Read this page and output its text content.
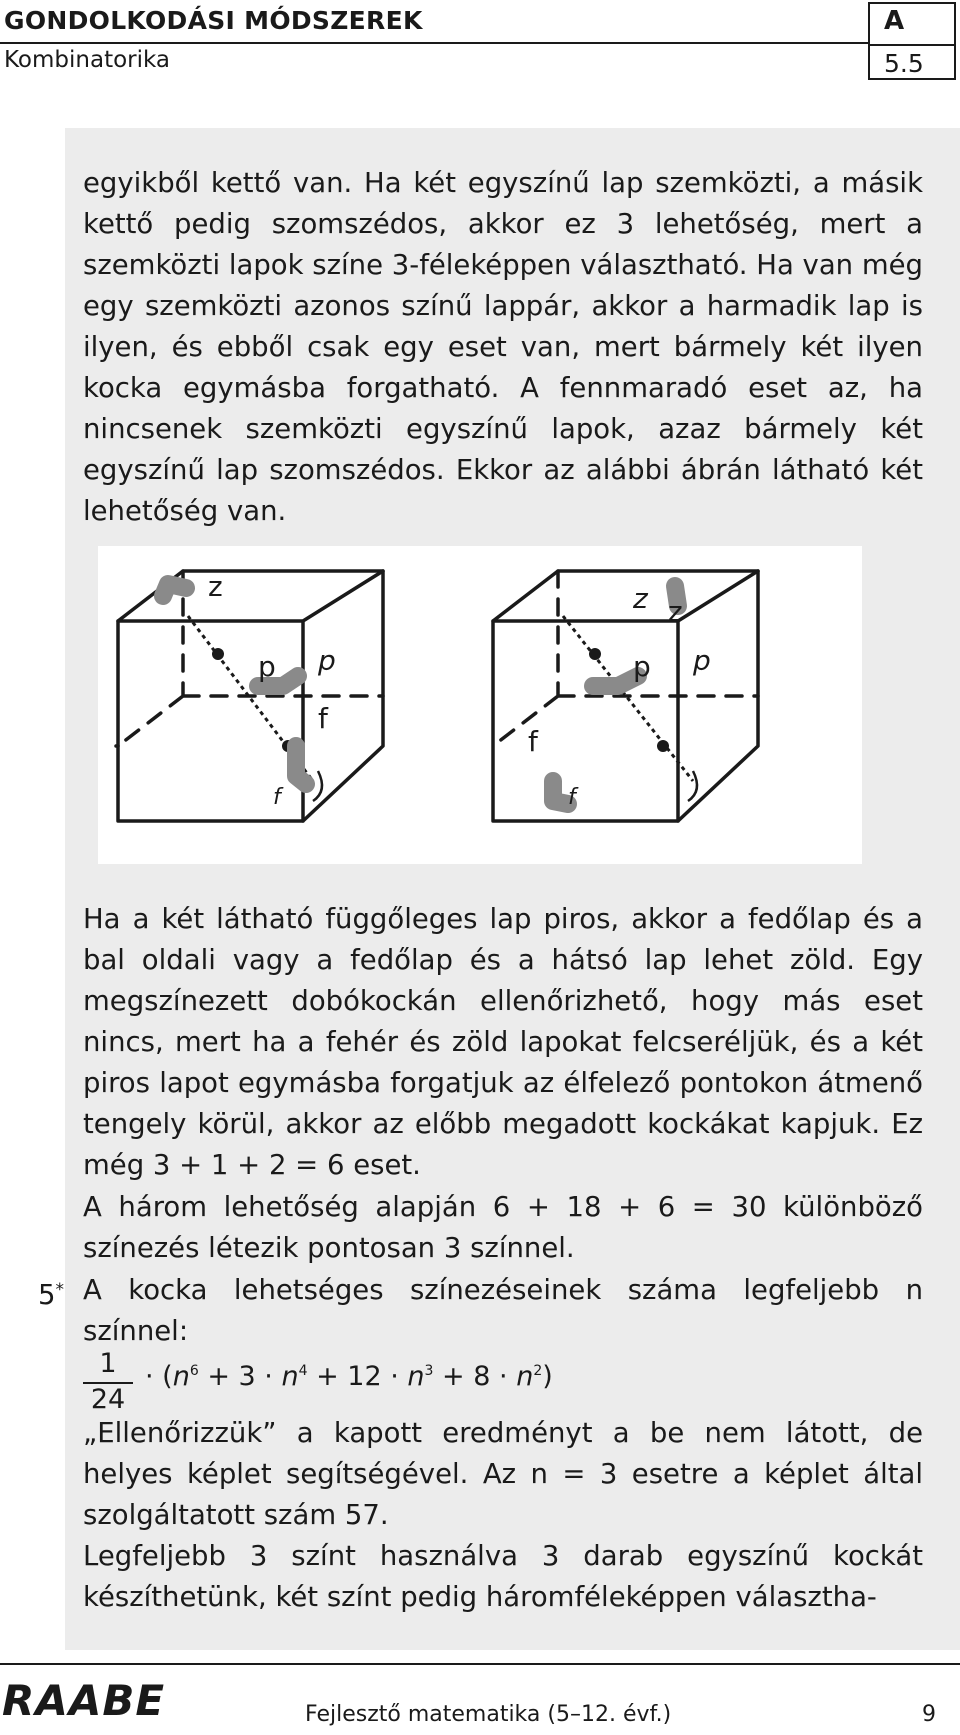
GONDOLKODÁSI MÓDSZEREK
Kombinatorika
A
5.5
egyikből kettő van. Ha két egyszínű lap szemközti, a másik kettő pedig szomszédos, akkor ez 3 lehetőség, mert a szemközti lapok színe 3-féleképpen választható. Ha van még egy szemközti azonos színű lappár, akkor a harmadik lap is ilyen, és ebből csak egy eset van, mert bármely két ilyen kocka egymásba forgatható. A fennmaradó eset az, ha nincsenek szemközti egyszínű lapok, azaz bármely két egyszínű lap szomszédos. Ekkor az alábbi ábrán látható két lehetőség van.
z
p p
f
f
z z
p p
f
f
Ha a két látható függőleges lap piros, akkor a fedőlap és a bal oldali vagy a fedőlap és a hátsó lap lehet zöld. Egy megszínezett dobókockán ellenőrizhető, hogy más eset nincs, mert ha a fehér és zöld lapokat felcseréljük, és a két piros lapot egymásba forgatjuk az élfelező pontokon átmenő tengely körül, akkor az előbb megadott kockákat kapjuk. Ez még 3 + 1 + 2 = 6 eset.
A három lehetőség alapján 6 + 18 + 6 = 30 különböző színezés létezik pontosan 3 színnel.
5* A kocka lehetséges színezéseinek száma legfeljebb n színnel:
1
24
· $(n^6 + 3 \cdot n^4 + 12 \cdot n^3 + 8 \cdot n^2)$
„Ellenőrizzük” a kapott eredményt a be nem látott, de helyes képlet segítségével. Az n = 3 esetre a képlet által szolgáltatott szám 57.
Legfeljebb 3 színt használva 3 darab egyszínű kockát készíthetünk, két színt pedig háromféleképpen választha-
RAABE	Fejlesztő matematika (5–12. évf.)	9
